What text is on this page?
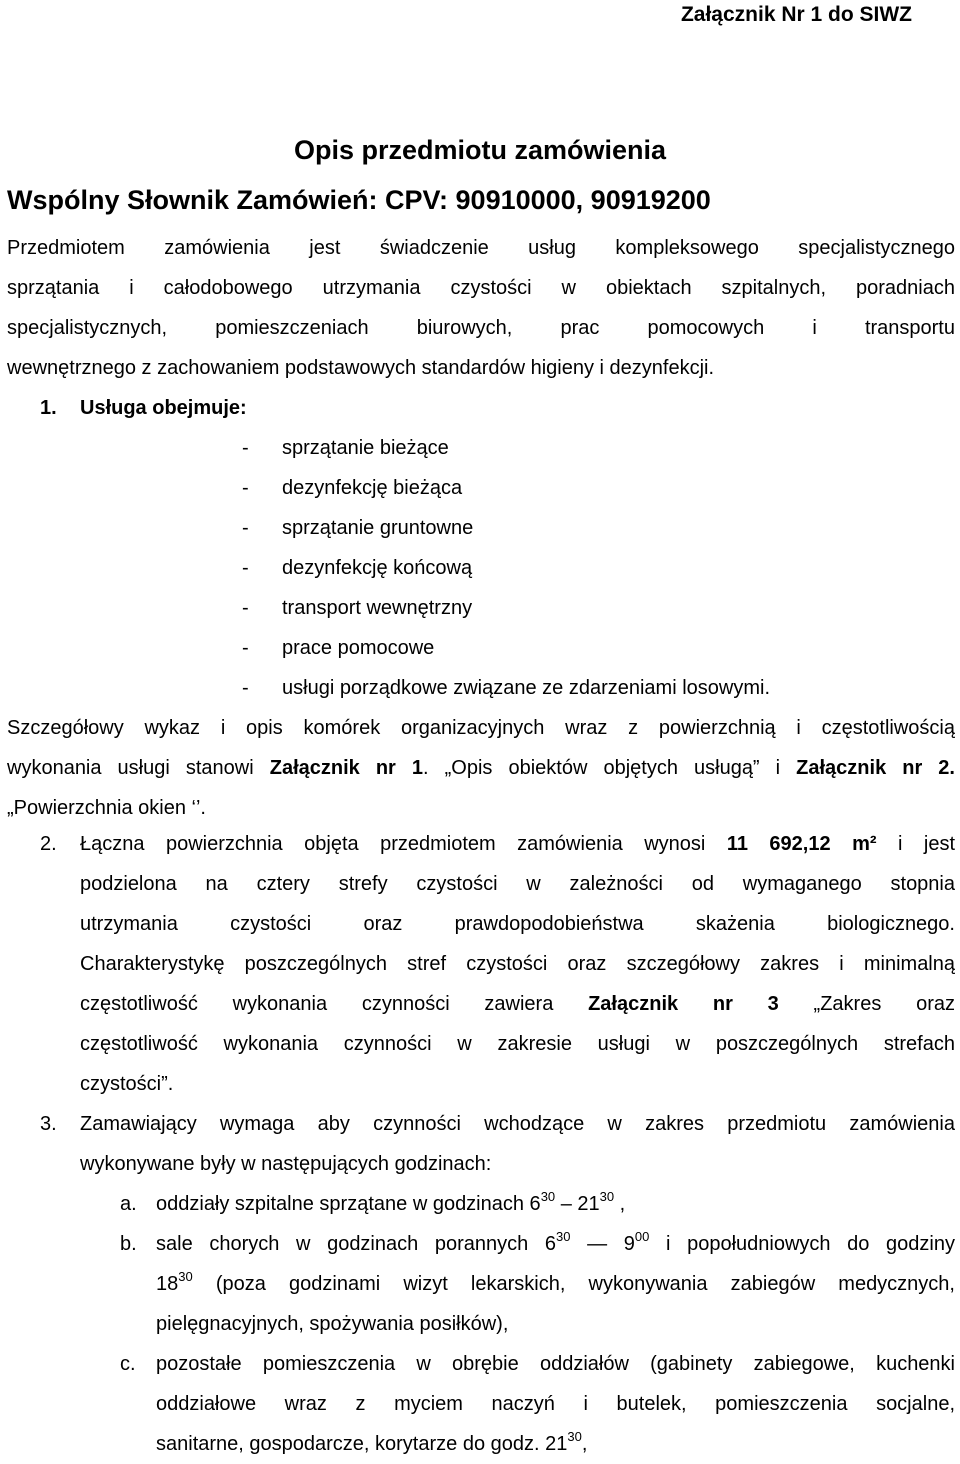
Załącznik Nr 1 do SIWZ
Opis przedmiotu zamówienia
Wspólny Słownik Zamówień: CPV: 90910000, 90919200
Przedmiotem zamówienia jest świadczenie usług kompleksowego specjalistycznego
sprzątania i całodobowego utrzymania czystości w obiektach szpitalnych, poradniach
specjalistycznych, pomieszczeniach biurowych, prac pomocowych i transportu
wewnętrznego z zachowaniem podstawowych standardów higieny i dezynfekcji.
1. Usługa obejmuje:
- sprzątanie bieżące
- dezynfekcję bieżąca
- sprzątanie gruntowne
- dezynfekcję końcową
- transport wewnętrzny
- prace pomocowe
- usługi porządkowe związane ze zdarzeniami losowymi.
Szczegółowy wykaz i opis komórek organizacyjnych wraz z powierzchnią i częstotliwością
wykonania usługi stanowi Załącznik nr 1. „Opis obiektów objętych usługą” i Załącznik nr 2.
„Powierzchnia okien ‘’.
2. Łączna powierzchnia objęta przedmiotem zamówienia wynosi 11 692,12 m² i jest
podzielona na cztery strefy czystości w zależności od wymaganego stopnia
utrzymania czystości oraz prawdopodobieństwa skażenia biologicznego.
Charakterystykę poszczególnych stref czystości oraz szczegółowy zakres i minimalną
częstotliwość wykonania czynności zawiera Załącznik nr 3 „Zakres oraz
częstotliwość wykonania czynności w zakresie usługi w poszczególnych strefach
czystości”.
3. Zamawiający wymaga aby czynności wchodzące w zakres przedmiotu zamówienia
wykonywane były w następujących godzinach:
a. oddziały szpitalne sprzątane w godzinach $6^{30} - 21^{30}$ ,
b. sale chorych w godzinach porannych $6^{30}$ — $9^{00}$ i popołudniowych do godziny
$18^{30}$ (poza godzinami wizyt lekarskich, wykonywania zabiegów medycznych,
pielęgnacyjnych, spożywania posiłków),
c. pozostałe pomieszczenia w obrębie oddziałów (gabinety zabiegowe, kuchenki
oddziałowe wraz z myciem naczyń i butelek, pomieszczenia socjalne,
sanitarne, gospodarcze, korytarze do godz. $21^{30}$,
